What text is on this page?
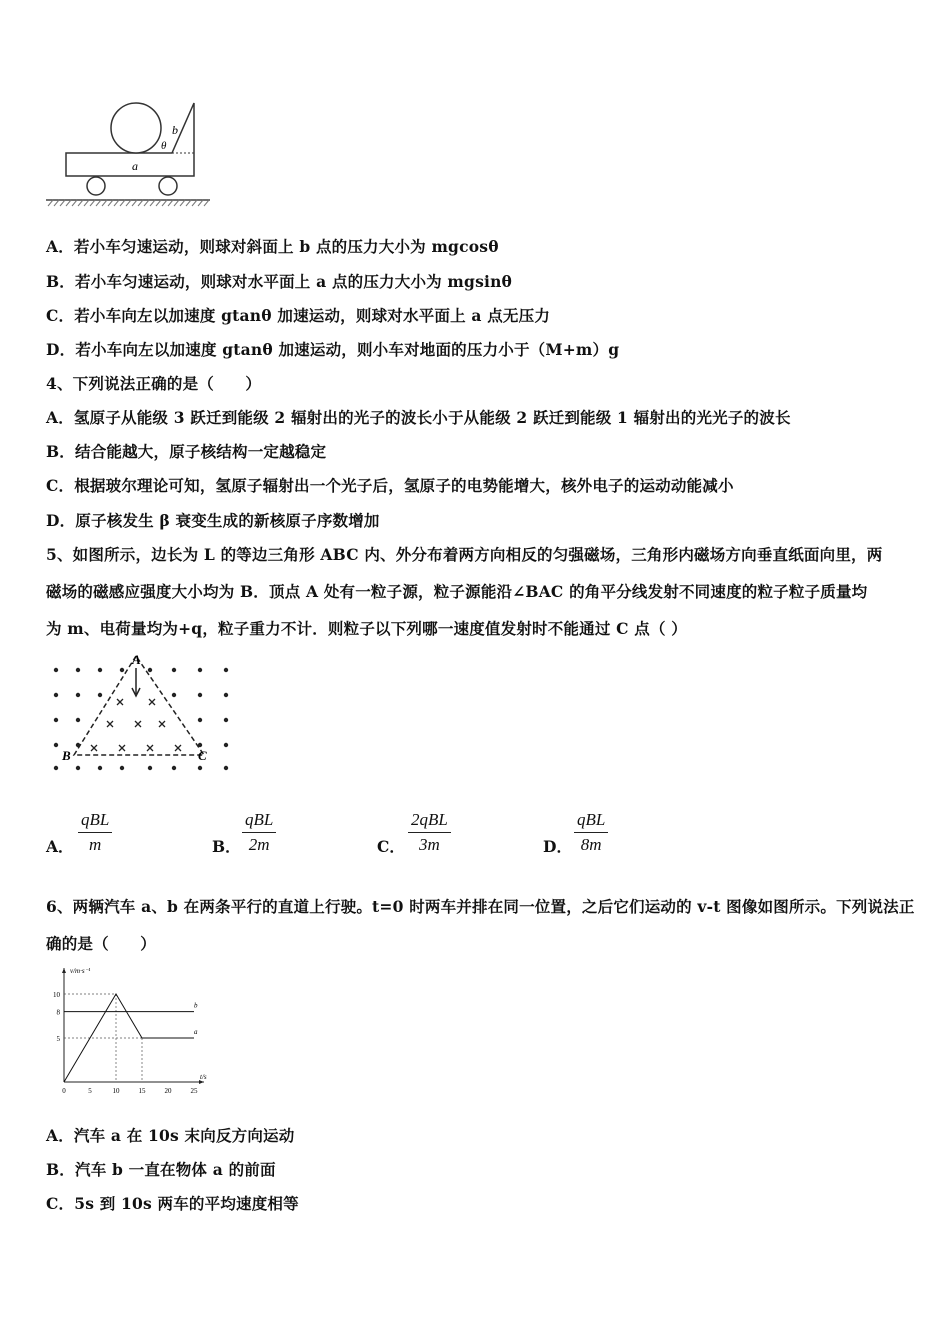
b
θ
a
A．若小车匀速运动，则球对斜面上 b 点的压力大小为 mgcosθ
B．若小车匀速运动，则球对水平面上 a 点的压力大小为 mgsinθ
C．若小车向左以加速度 gtanθ 加速运动，则球对水平面上 a 点无压力
D．若小车向左以加速度 gtanθ 加速运动，则小车对地面的压力小于（M+m）g
4、下列说法正确的是（　　）
A．氢原子从能级 3 跃迁到能级 2 辐射出的光子的波长小于从能级 2 跃迁到能级 1 辐射出的光光子的波长
B．结合能越大，原子核结构一定越稳定
C．根据玻尔理论可知，氢原子辐射出一个光子后，氢原子的电势能增大，核外电子的运动动能减小
D．原子核发生 β 衰变生成的新核原子序数增加
5、如图所示，边长为 L 的等边三角形 ABC 内、外分布着两方向相反的匀强磁场，三角形内磁场方向垂直纸面向里，两
磁场的磁感应强度大小均为 B．顶点 A 处有一粒子源，粒子源能沿∠BAC 的角平分线发射不同速度的粒子粒子质量均
为 m、电荷量均为+q，粒子重力不计．则粒子以下列哪一速度值发射时不能通过 C 点（ ）
A
B	C
A．
qBL
m	B．
qBL
2m	C．
2qBL
3m	D．
qBL
8m
6、两辆汽车 a、b 在两条平行的直道上行驶。t=0 时两车并排在同一位置，之后它们运动的 v-t 图像如图所示。下列说法正
确的是（　　）
v/m·s⁻¹
t/s
0	5	10	15	20	25
10
8
5
a
b
A．汽车 a 在 10s 末向反方向运动
B．汽车 b 一直在物体 a 的前面
C．5s 到 10s 两车的平均速度相等
